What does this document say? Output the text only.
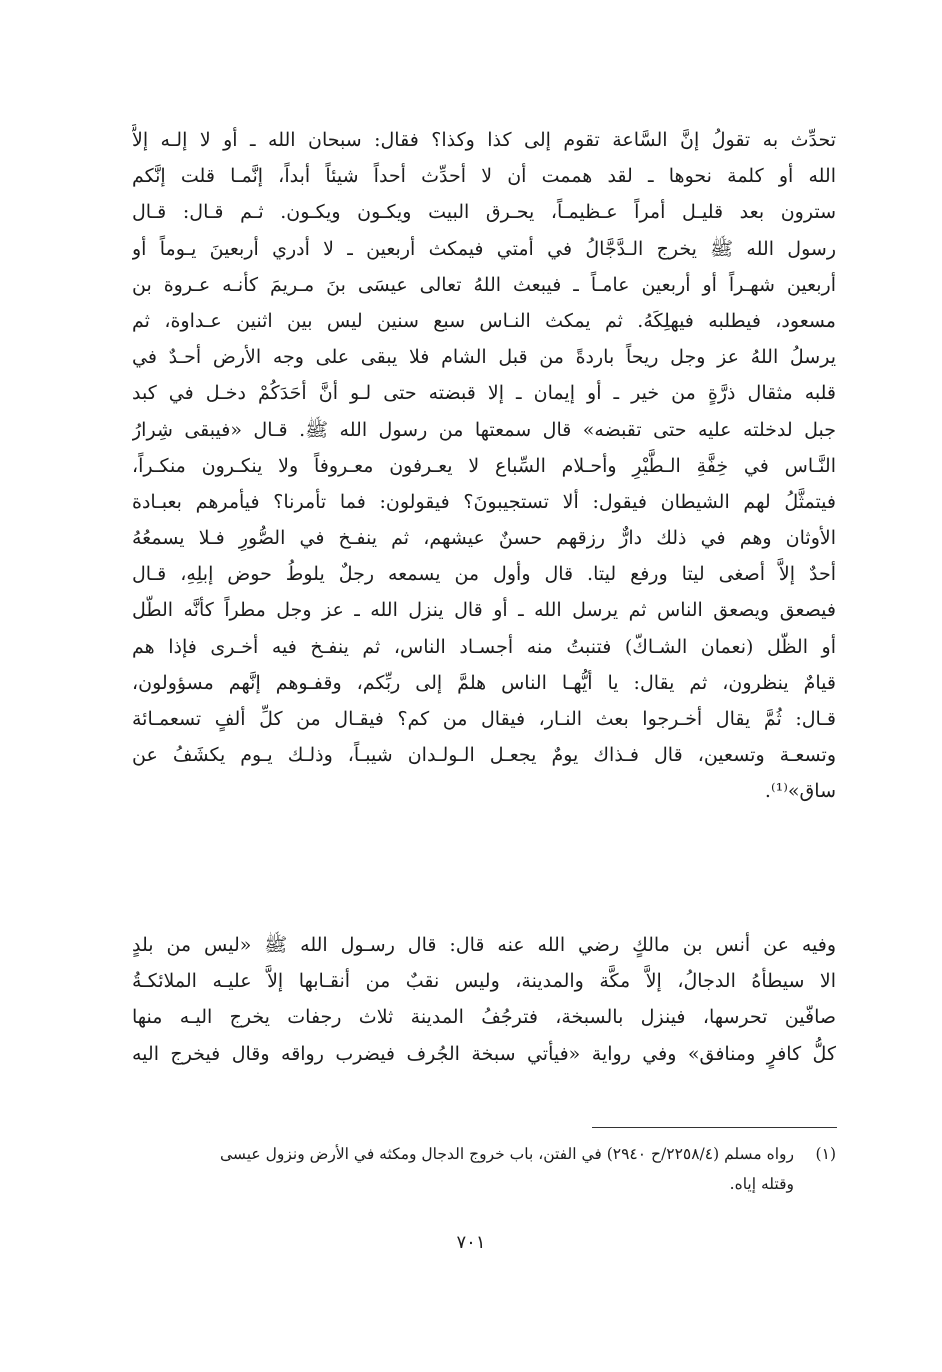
تحدِّث به تقولُ إنَّ السَّاعة تقوم إلى كذا وكذا؟ فقال: سبحان الله ـ أو لا إلـه إلاَّ
الله أو كلمة نحوها ـ لقد هممت أن لا أحدِّث أحداً شيئاً أبداً، إنَّمـا قلت إنَّكم
سترون بعد قليـل أمراً عـظيمـاً، يحـرق البيت ويكـون ويكـون. ثـم قـال: قـال
رسول الله ﷺ يخرج الـدَّجَّالُ في أمتي فيمكث أربعين ـ لا أدري أربعينَ يـوماً أو
أربعين شهـراً أو أربعين عامـاً ـ فيبعث اللهُ تعالى عيسَى بنَ مـريمَ كأنـه عـروة بن
مسعود، فيطلبه فيهلِكَهُ. ثم يمكث النـاس سبع سنين ليس بين اثنين عـداوة، ثم
يرسلُ اللهُ عز وجل ريحاً باردةً من قبل الشام فلا يبقى على وجه الأرض أحـدٌ في
قلبه مثقال ذرَّةٍ من خير ـ أو إيمان ـ إلا قبضته حتى لـو أنَّ أحَدَكُمْ دخـل في كبد
جبل لدخلته عليه حتى تقبضه» قال سمعتها من رسول الله ﷺ. قـال «فيبقى شِرارُ
النَّـاس في خِفَّةِ الـطَّيْرِ وأحـلام السِّباع لا يعـرفون معـروفاً ولا ينكـرون منكـراً،
فيتمثَّلُ لهم الشيطان فيقول: ألا تستجيبونَ؟ فيقولون: فما تأمرنا؟ فيأمرهم بعبـادة
الأوثان وهم في ذلك دارٌّ رزقهم حسنٌ عيشهم، ثم ينفـخ في الصُّورِ فـلا يسمعُهُ
أحدٌ إلاَّ أصغى ليتا ورفع ليتا. قال وأول من يسمعه رجلٌ يلوطُ حوض إبلِهِ، قـال
فيصعق ويصعق الناس ثم يرسل الله ـ أو قال ينزل الله ـ عز وجل مطراً كأنَّه الطّل
أو الظّل (نعمان الشـاكّ) فتنبتُ منه أجسـاد الناس، ثم ينفـخ فيه أخـرى فإذا هم
قيامٌ ينظرون، ثم يقال: يا أيُّهـا الناس هلمَّ إلى ربِّكم، وقفـوهم إنَّهم مسؤولون،
قـال: ثُمَّ يقال أخـرجوا بعث النـار، فيقال من كم؟ فيقـال من كلِّ ألفٍ تسعمـائة
وتسعـة وتسعين، قال فـذاك يومٌ يجعـل الـولـدان شيبـاً، وذلـك يـوم يكشَفُ عن
ساق»⁽¹⁾.
وفيه عن أنس بن مالكٍ رضي الله عنه قال: قال رسـول الله ﷺ «ليس من بلدٍ
الا سيطأهُ الدجالُ، إلاَّ مكَّة والمدينة، وليس نقبٌ من أنقـابها إلاَّ عليـه الملائكـةُ
صافّين تحرسها، فينزل بالسبخة، فترجُفُ المدينة ثلاث رجفات يخرج اليـه منها
كلُّ كافرٍ ومنافق» وفي رواية «فيأتي سبخة الجُرف فيضرب رواقه وقال فيخرج اليه
(١)
رواه مسلم (٢٢٥٨/٤/ح ٢٩٤٠) في الفتن، باب خروج الدجال ومكثه في الأرض ونزول عيسى
وقتله إياه.
٧٠١
